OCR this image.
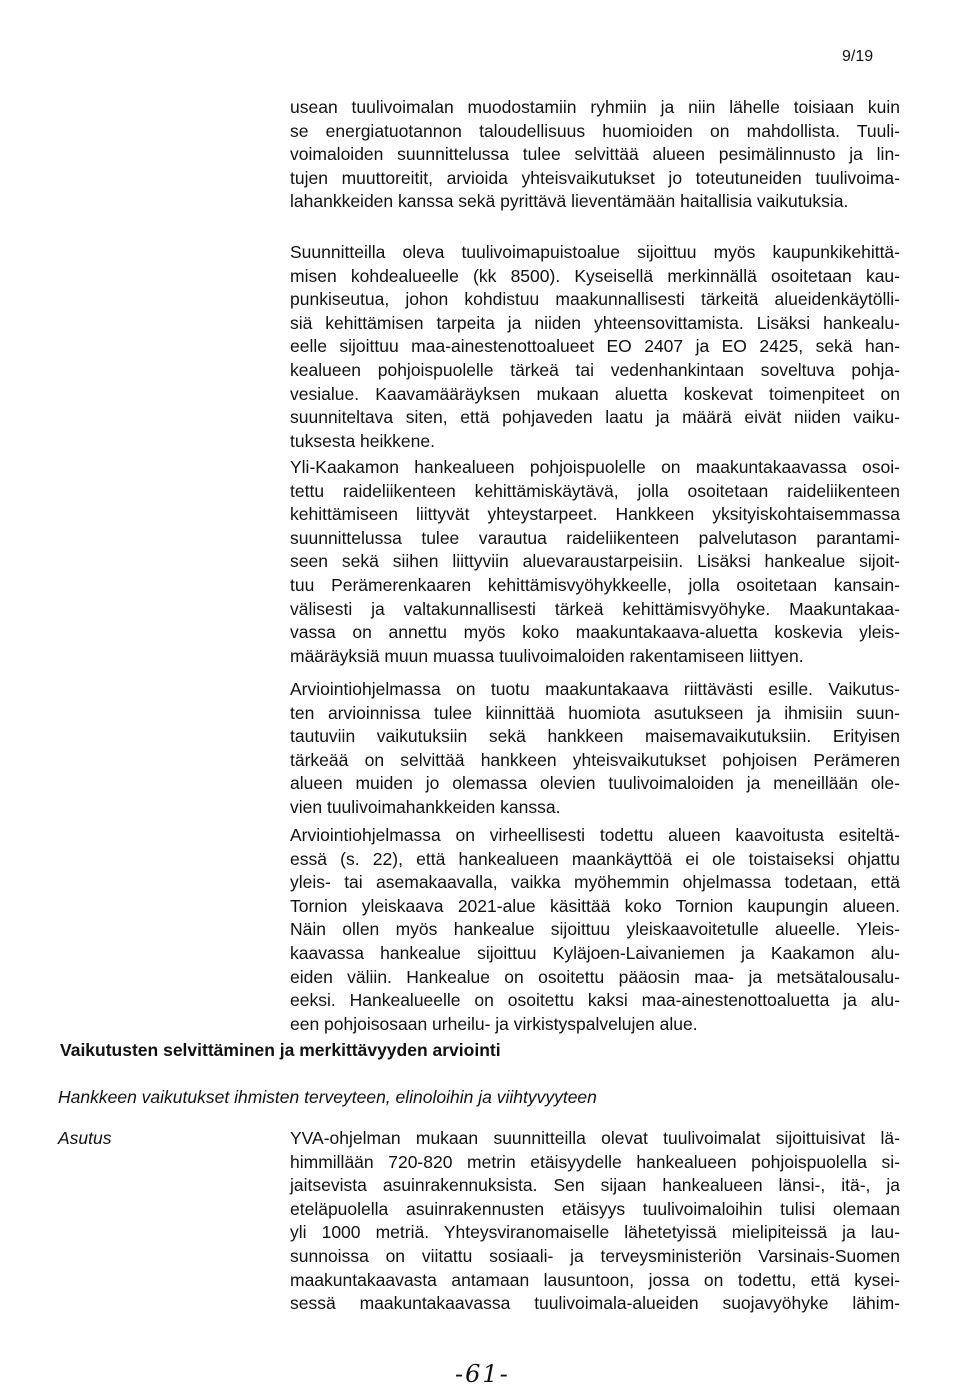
9/19
usean tuulivoimalan muodostamiin ryhmiin ja niin lähelle toisiaan kuin
se energiatuotannon taloudellisuus huomioiden on mahdollista. Tuuli-
voimaloiden suunnittelussa tulee selvittää alueen pesimälinnusto ja lin-
tujen muuttoreitit, arvioida yhteisvaikutukset jo toteutuneiden tuulivoima-
lahankkeiden kanssa sekä pyrittävä lieventämään haitallisia vaikutuksia.
Suunnitteilla oleva tuulivoimapuistoalue sijoittuu myös kaupunkikehittä-
misen kohdealueelle (kk 8500). Kyseisellä merkinnällä osoitetaan kau-
punkiseutua, johon kohdistuu maakunnallisesti tärkeitä alueidenkäytölli-
siä kehittämisen tarpeita ja niiden yhteensovittamista. Lisäksi hankealu-
eelle sijoittuu maa-ainestenottoalueet EO 2407 ja EO 2425, sekä han-
kealueen pohjoispuolelle tärkeä tai vedenhankintaan soveltuva pohja-
vesialue. Kaavamääräyksen mukaan aluetta koskevat toimenpiteet on
suunniteltava siten, että pohjaveden laatu ja määrä eivät niiden vaiku-
tuksesta heikkene.
Yli-Kaakamon hankealueen pohjoispuolelle on maakuntakaavassa osoi-
tettu raideliikenteen kehittämiskäytävä, jolla osoitetaan raideliikenteen
kehittämiseen liittyvät yhteystarpeet. Hankkeen yksityiskohtaisemmassa
suunnittelussa tulee varautua raideliikenteen palvelutason parantami-
seen sekä siihen liittyviin aluevaraustarpeisiin. Lisäksi hankealue sijoit-
tuu Perämerenkaaren kehittämisvyöhykkeelle, jolla osoitetaan kansain-
välisesti ja valtakunnallisesti tärkeä kehittämisvyöhyke. Maakuntakaa-
vassa on annettu myös koko maakuntakaava-aluetta koskevia yleis-
määräyksiä muun muassa tuulivoimaloiden rakentamiseen liittyen.
Arviointiohjelmassa on tuotu maakuntakaava riittävästi esille. Vaikutus-
ten arvioinnissa tulee kiinnittää huomiota asutukseen ja ihmisiin suun-
tautuviin vaikutuksiin sekä hankkeen maisemavaikutuksiin. Erityisen
tärkeää on selvittää hankkeen yhteisvaikutukset pohjoisen Perämeren
alueen muiden jo olemassa olevien tuulivoimaloiden ja meneillään ole-
vien tuulivoimahankkeiden kanssa.
Arviointiohjelmassa on virheellisesti todettu alueen kaavoitusta esiteltä-
essä (s. 22), että hankealueen maankäyttöä ei ole toistaiseksi ohjattu
yleis- tai asemakaavalla, vaikka myöhemmin ohjelmassa todetaan, että
Tornion yleiskaava 2021-alue käsittää koko Tornion kaupungin alueen.
Näin ollen myös hankealue sijoittuu yleiskaavoitetulle alueelle. Yleis-
kaavassa hankealue sijoittuu Kyläjoen-Laivaniemen ja Kaakamon alu-
eiden väliin. Hankealue on osoitettu pääosin maa- ja metsätalousalu-
eeksi. Hankealueelle on osoitettu kaksi maa-ainestenottoaluetta ja alu-
een pohjoisosaan urheilu- ja virkistyspalvelujen alue.
Vaikutusten selvittäminen ja merkittävyyden arviointi
Hankkeen vaikutukset ihmisten terveyteen, elinoloihin ja viihtyvyyteen
Asutus	YVA-ohjelman mukaan suunnitteilla olevat tuulivoimalat sijoittuisivat lä-
himmillään 720-820 metrin etäisyydelle hankealueen pohjoispuolella si-
jaitsevista asuinrakennuksista. Sen sijaan hankealueen länsi-, itä-, ja
eteläpuolella asuinrakennusten etäisyys tuulivoimaloihin tulisi olemaan
yli 1000 metriä. Yhteysviranomaiselle lähetetyissä mielipiteissä ja lau-
sunnoissa on viitattu sosiaali- ja terveysministeriön Varsinais-Suomen
maakuntakaavasta antamaan lausuntoon, jossa on todettu, että kysei-
sessä maakuntakaavassa tuulivoimala-alueiden suojavyöhyke lähim-
-61-
